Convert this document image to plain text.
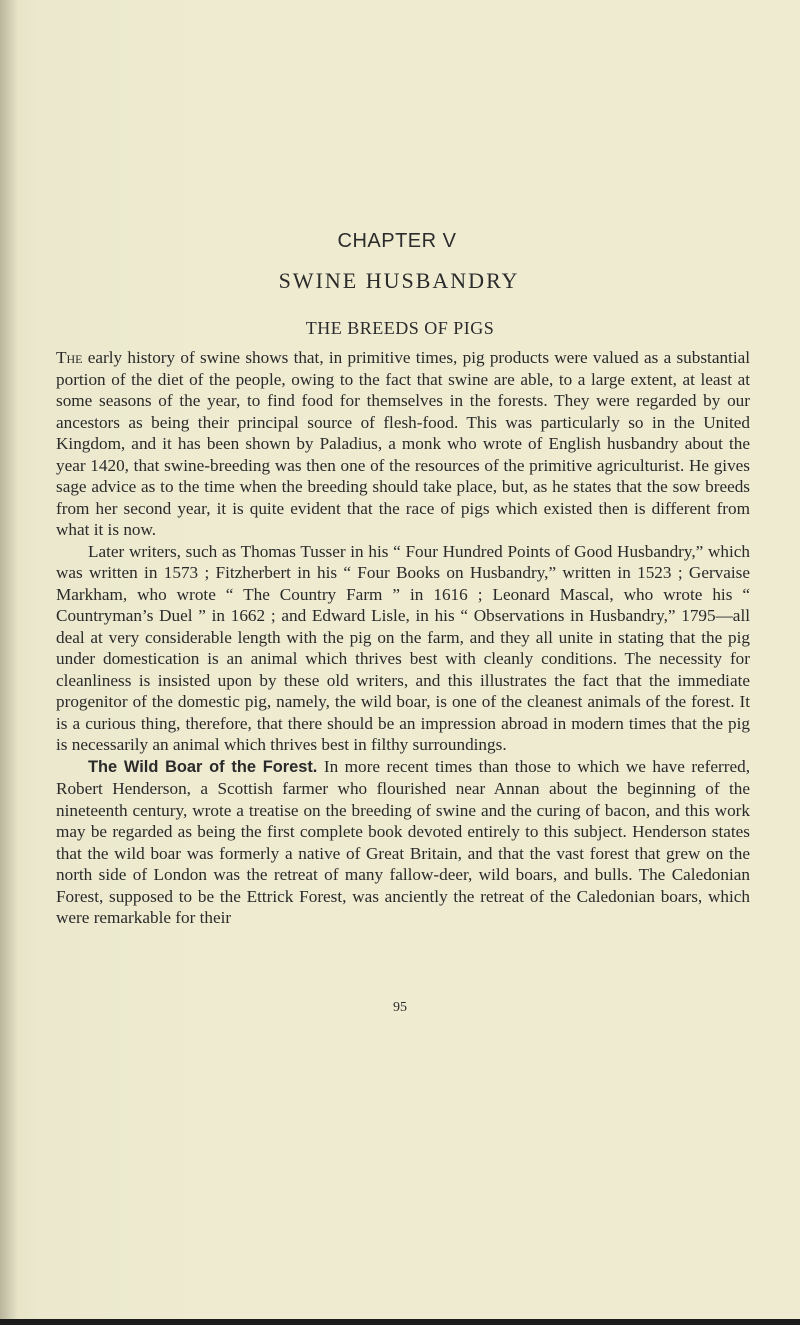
CHAPTER V
SWINE HUSBANDRY
THE BREEDS OF PIGS

The early history of swine shows that, in primitive times, pig products were valued as a substantial portion of the diet of the people, owing to the fact that swine are able, to a large extent, at least at some seasons of the year, to find food for themselves in the forests. They were regarded by our ancestors as being their principal source of flesh-food. This was particularly so in the United Kingdom, and it has been shown by Paladius, a monk who wrote of English husbandry about the year 1420, that swine-breeding was then one of the resources of the primitive agriculturist. He gives sage advice as to the time when the breeding should take place, but, as he states that the sow breeds from her second year, it is quite evident that the race of pigs which existed then is different from what it is now.

Later writers, such as Thomas Tusser in his “ Four Hundred Points of Good Husbandry,” which was written in 1573 ; Fitzherbert in his “ Four Books on Husbandry,” written in 1523 ; Gervaise Markham, who wrote “ The Country Farm ” in 1616 ; Leonard Mascal, who wrote his “ Countryman’s Duel ” in 1662 ; and Edward Lisle, in his “ Observations in Husbandry,” 1795—all deal at very considerable length with the pig on the farm, and they all unite in stating that the pig under domestication is an animal which thrives best with cleanly conditions. The necessity for cleanliness is insisted upon by these old writers, and this illustrates the fact that the immediate progenitor of the domestic pig, namely, the wild boar, is one of the cleanest animals of the forest. It is a curious thing, therefore, that there should be an impression abroad in modern times that the pig is necessarily an animal which thrives best in filthy surroundings.

The Wild Boar of the Forest. In more recent times than those to which we have referred, Robert Henderson, a Scottish farmer who flourished near Annan about the beginning of the nineteenth century, wrote a treatise on the breeding of swine and the curing of bacon, and this work may be regarded as being the first complete book devoted entirely to this subject. Henderson states that the wild boar was formerly a native of Great Britain, and that the vast forest that grew on the north side of London was the retreat of many fallow-deer, wild boars, and bulls. The Caledonian Forest, supposed to be the Ettrick Forest, was anciently the retreat of the Caledonian boars, which were remarkable for their

95
